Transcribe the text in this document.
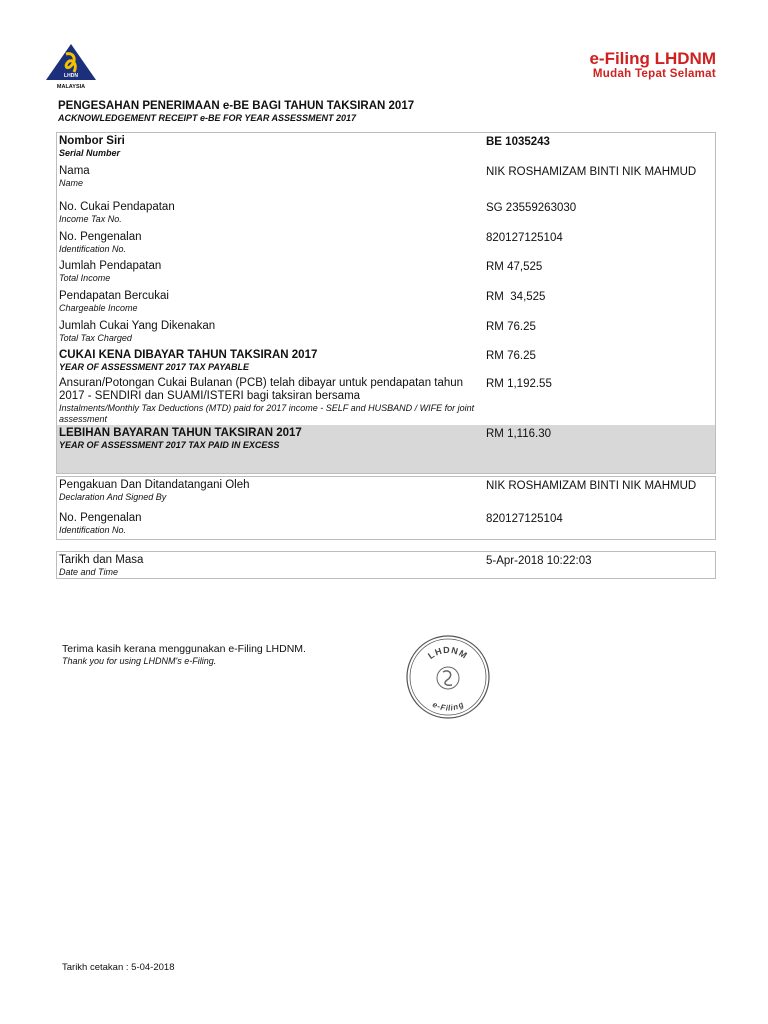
LHDN
MALAYSIA
e-Filing LHDNM
Mudah Tepat Selamat
PENGESAHAN PENERIMAAN e-BE BAGI TAHUN TAKSIRAN 2017
ACKNOWLEDGEMENT RECEIPT e-BE FOR YEAR ASSESSMENT 2017
Nombor Siri
Serial Number
BE 1035243
Nama
Name
NIK ROSHAMIZAM BINTI NIK MAHMUD
No. Cukai Pendapatan
Income Tax No.
SG 23559263030
No. Pengenalan
Identification No.
820127125104
Jumlah Pendapatan
Total Income
RM 47,525
Pendapatan Bercukai
Chargeable Income
RM  34,525
Jumlah Cukai Yang Dikenakan
Total Tax Charged
RM 76.25
CUKAI KENA DIBAYAR TAHUN TAKSIRAN 2017
YEAR OF ASSESSMENT 2017 TAX PAYABLE
RM 76.25
Ansuran/Potongan Cukai Bulanan (PCB) telah dibayar untuk pendapatan tahun 2017 - SENDIRI dan SUAMI/ISTERI bagi taksiran bersama
Instalments/Monthly Tax Deductions (MTD) paid for 2017 income - SELF and HUSBAND / WIFE for joint assessment
RM 1,192.55
LEBIHAN BAYARAN TAHUN TAKSIRAN 2017
YEAR OF ASSESSMENT 2017 TAX PAID IN EXCESS
RM 1,116.30
Pengakuan Dan Ditandatangani Oleh
Declaration And Signed By
NIK ROSHAMIZAM BINTI NIK MAHMUD
No. Pengenalan
Identification No.
820127125104
Tarikh dan Masa
Date and Time
5-Apr-2018 10:22:03
Terima kasih kerana menggunakan e-Filing LHDNM.
Thank you for using LHDNM's e-Filing.
LHDNM
e-Filing
Tarikh cetakan : 5-04-2018
